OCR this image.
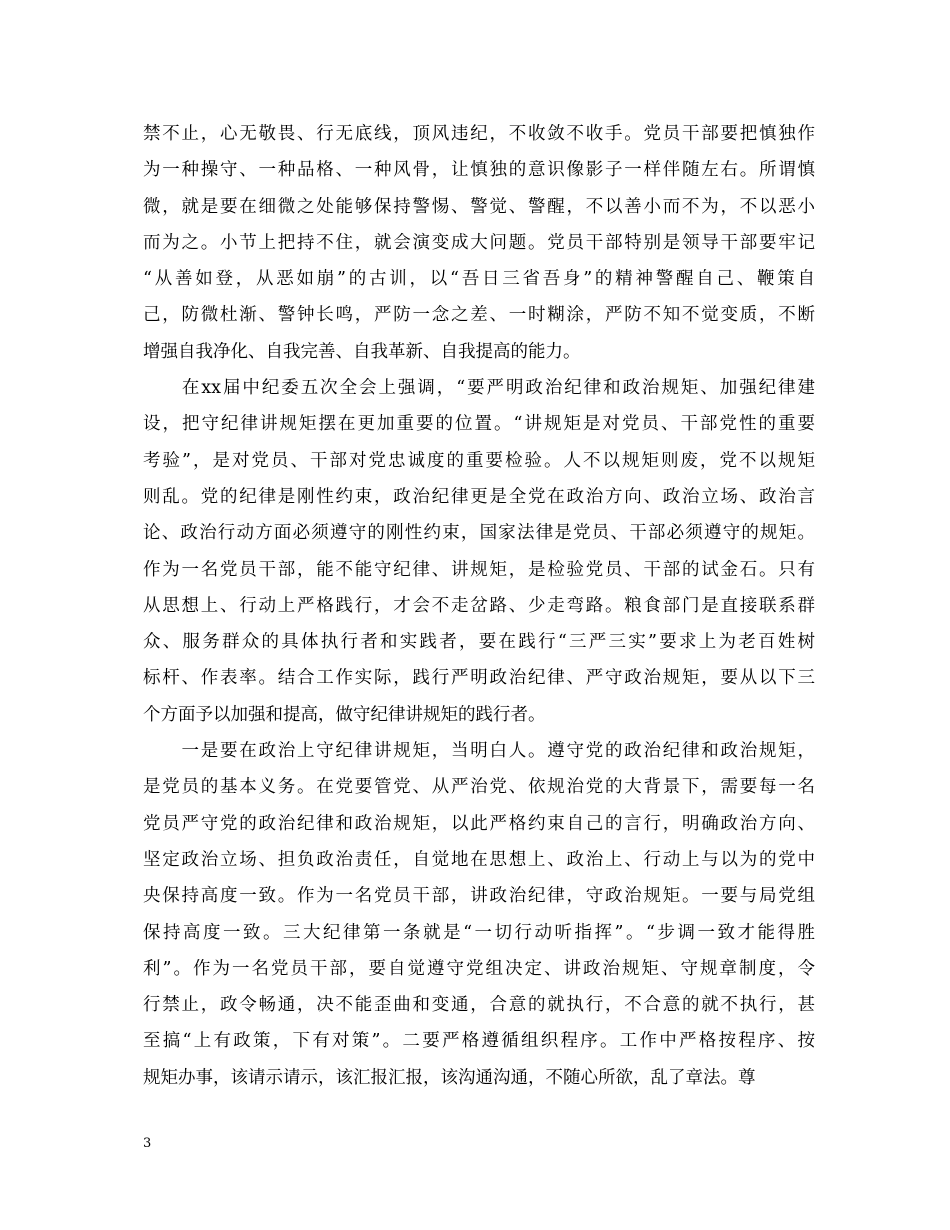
禁不止，心无敬畏、行无底线，顶风违纪，不收敛不收手。党员干部要把慎独作
为一种操守、一种品格、一种风骨，让慎独的意识像影子一样伴随左右。所谓慎
微，就是要在细微之处能够保持警惕、警觉、警醒，不以善小而不为，不以恶小
而为之。小节上把持不住，就会演变成大问题。党员干部特别是领导干部要牢记
“从善如登，从恶如崩”的古训，以“吾日三省吾身”的精神警醒自己、鞭策自
己，防微杜渐、警钟长鸣，严防一念之差、一时糊涂，严防不知不觉变质，不断
增强自我净化、自我完善、自我革新、自我提高的能力。
　　在xx届中纪委五次全会上强调，“要严明政治纪律和政治规矩、加强纪律建
设，把守纪律讲规矩摆在更加重要的位置。“讲规矩是对党员、干部党性的重要
考验”，是对党员、干部对党忠诚度的重要检验。人不以规矩则废，党不以规矩
则乱。党的纪律是刚性约束，政治纪律更是全党在政治方向、政治立场、政治言
论、政治行动方面必须遵守的刚性约束，国家法律是党员、干部必须遵守的规矩。
作为一名党员干部，能不能守纪律、讲规矩，是检验党员、干部的试金石。只有
从思想上、行动上严格践行，才会不走岔路、少走弯路。粮食部门是直接联系群
众、服务群众的具体执行者和实践者，要在践行“三严三实”要求上为老百姓树
标杆、作表率。结合工作实际，践行严明政治纪律、严守政治规矩，要从以下三
个方面予以加强和提高，做守纪律讲规矩的践行者。
　　一是要在政治上守纪律讲规矩，当明白人。遵守党的政治纪律和政治规矩，
是党员的基本义务。在党要管党、从严治党、依规治党的大背景下，需要每一名
党员严守党的政治纪律和政治规矩，以此严格约束自己的言行，明确政治方向、
坚定政治立场、担负政治责任，自觉地在思想上、政治上、行动上与以为的党中
央保持高度一致。作为一名党员干部，讲政治纪律，守政治规矩。一要与局党组
保持高度一致。三大纪律第一条就是“一切行动听指挥”。“步调一致才能得胜
利”。作为一名党员干部，要自觉遵守党组决定、讲政治规矩、守规章制度，令
行禁止，政令畅通，决不能歪曲和变通，合意的就执行，不合意的就不执行，甚
至搞“上有政策，下有对策”。二要严格遵循组织程序。工作中严格按程序、按
规矩办事，该请示请示，该汇报汇报，该沟通沟通，不随心所欲，乱了章法。尊
3
